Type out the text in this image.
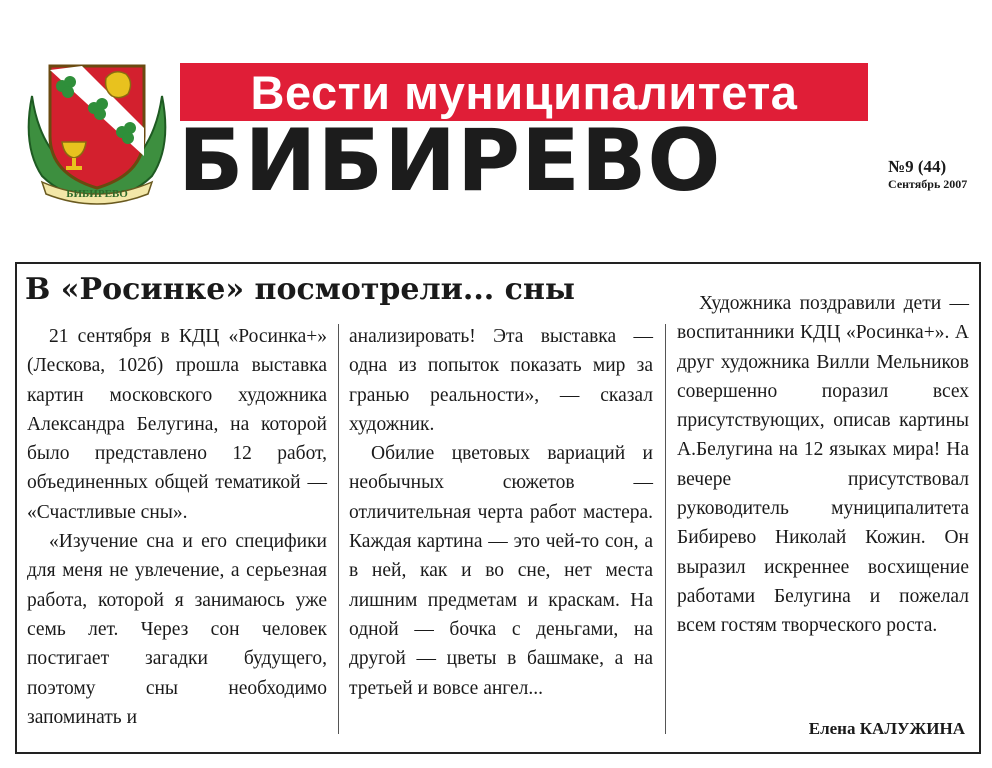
БИБИРЕВО
Вести муниципалитета
БИБИРЕВО	№9 (44)
Сентябрь 2007
В «Росинке» посмотрели... сны

21 сентября в КДЦ «Росинка+» (Лескова, 102б) прошла выставка картин московского художника Александра Белугина, на которой было представлено 12 работ, объединенных общей тематикой — «Счастливые сны».

«Изучение сна и его специфики для меня не увлечение, а серьезная работа, которой я занимаюсь уже семь лет. Через сон человек постигает загадки будущего, поэтому сны необходимо запоминать и

анализировать! Эта выставка — одна из попыток показать мир за гранью реальности», — сказал художник.

Обилие цветовых вариаций и необычных сюжетов — отличительная черта работ мастера. Каждая картина — это чей-то сон, а в ней, как и во сне, нет места лишним предметам и краскам. На одной — бочка с деньгами, на другой — цветы в башмаке, а на третьей и вовсе ангел...

Художника поздравили дети — воспитанники КДЦ «Росинка+». А друг художника Вилли Мельников совершенно поразил всех присутствующих, описав картины А.Белугина на 12 языках мира! На вечере присутствовал руководитель муниципалитета Бибирево Николай Кожин. Он выразил искреннее восхищение работами Белугина и пожелал всем гостям творческого роста.

Елена КАЛУЖИНА
